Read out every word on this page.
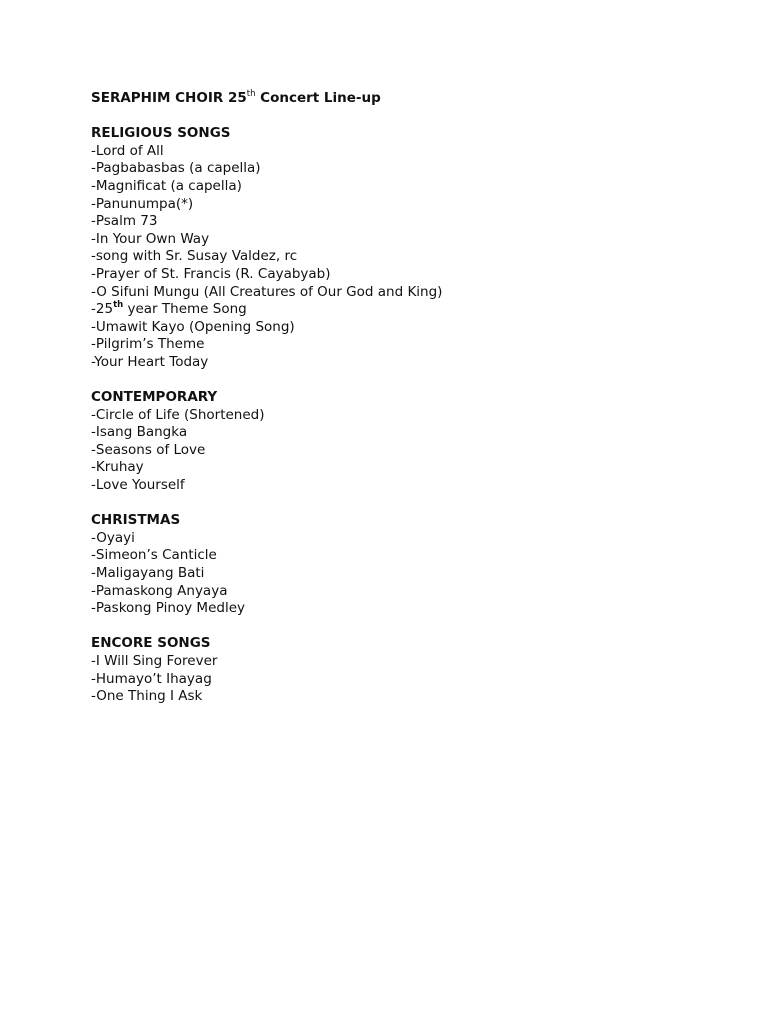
SERAPHIM CHOIR 25th Concert Line-up
RELIGIOUS SONGS
-Lord of All
-Pagbabasbas (a capella)
-Magnificat (a capella)
-Panunumpa(*)
-Psalm 73
-In Your Own Way
-song with Sr. Susay Valdez, rc
-Prayer of St. Francis (R. Cayabyab)
-O Sifuni Mungu (All Creatures of Our God and King)
-25th year Theme Song
-Umawit Kayo (Opening Song)
-Pilgrim’s Theme
-Your Heart Today
CONTEMPORARY
-Circle of Life (Shortened)
-Isang Bangka
-Seasons of Love
-Kruhay
-Love Yourself
CHRISTMAS
-Oyayi
-Simeon’s Canticle
-Maligayang Bati
-Pamaskong Anyaya
-Paskong Pinoy Medley
ENCORE SONGS
-I Will Sing Forever
-Humayo’t Ihayag
-One Thing I Ask
